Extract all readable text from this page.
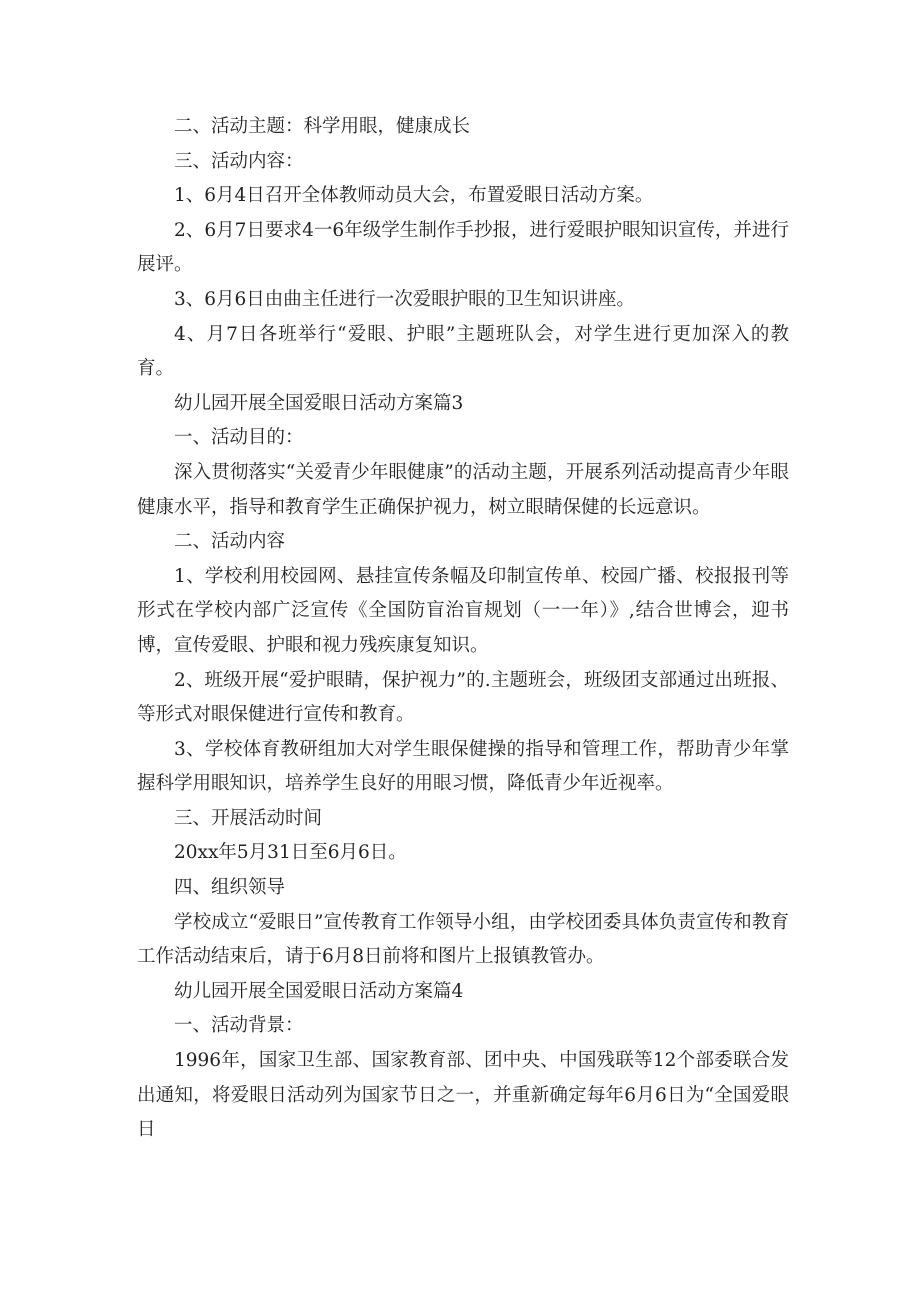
二、活动主题：科学用眼，健康成长

三、活动内容：

1、6月4日召开全体教师动员大会，布置爱眼日活动方案。

2、6月7日要求4一6年级学生制作手抄报，进行爱眼护眼知识宣传，并进行展评。

3、6月6日由曲主任进行一次爱眼护眼的卫生知识讲座。

4、月7日各班举行“爱眼、护眼”主题班队会，对学生进行更加深入的教育。

幼儿园开展全国爱眼日活动方案篇3

一、活动目的：

深入贯彻落实“关爱青少年眼健康”的活动主题，开展系列活动提高青少年眼健康水平，指导和教育学生正确保护视力，树立眼睛保健的长远意识。

二、活动内容

1、学校利用校园网、悬挂宣传条幅及印制宣传单、校园广播、校报报刊等形式在学校内部广泛宣传《全国防盲治盲规划（一一年）》,结合世博会，迎书博，宣传爱眼、护眼和视力残疾康复知识。

2、班级开展“爱护眼睛，保护视力”的.主题班会，班级团支部通过出班报、等形式对眼保健进行宣传和教育。

3、学校体育教研组加大对学生眼保健操的指导和管理工作，帮助青少年掌握科学用眼知识，培养学生良好的用眼习惯，降低青少年近视率。

三、开展活动时间

20xx年5月31日至6月6日。

四、组织领导

学校成立“爱眼日”宣传教育工作领导小组，由学校团委具体负责宣传和教育工作活动结束后，请于6月8日前将和图片上报镇教管办。

幼儿园开展全国爱眼日活动方案篇4

一、活动背景：

1996年，国家卫生部、国家教育部、团中央、中国残联等12个部委联合发出通知，将爱眼日活动列为国家节日之一，并重新确定每年6月6日为“全国爱眼日
